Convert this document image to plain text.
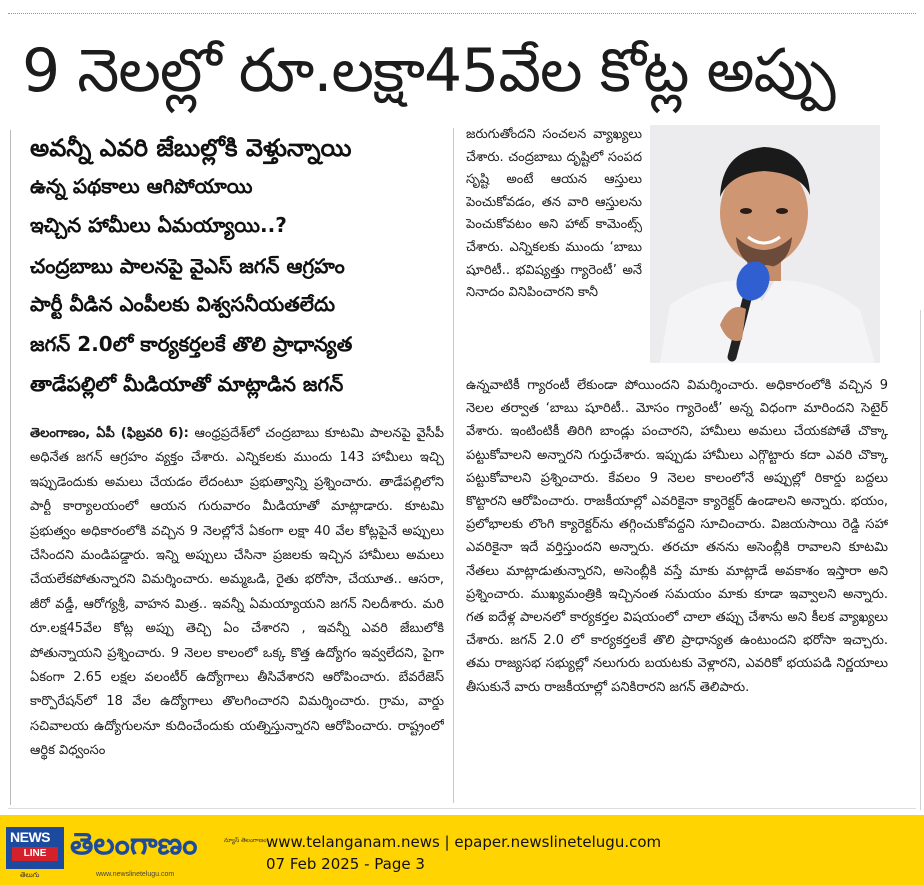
9 నెలల్లో రూ.లక్షా45వేల కోట్ల అప్పు
అవన్నీ ఎవరి జేబుల్లోకి వెళ్తున్నాయి
ఉన్న పథకాలు ఆగిపోయాయి
ఇచ్చిన హామీలు ఏమయ్యాయి..?
చంద్రబాబు పాలనపై వైఎస్‌ జగన్‌ ఆగ్రహం
పార్టీ వీడిన ఎంపీలకు విశ్వసనీయతలేదు
జగన్‌ 2.0లో కార్యకర్తలకే తొలి ప్రాధాన్యత
తాడేపల్లిలో మీడియాతో మాట్లాడిన జగన్‌
తెలంగాణం, ఏపీ (ఫిబ్రవరి 6): ఆంధ్రప్రదేశ్‌లో చంద్రబాబు కూటమి పాలనపై వైసీపీ అధినేత జగన్‌ ఆగ్రహం వ్యక్తం చేశారు. ఎన్నికలకు ముందు 143 హామీలు ఇచ్చి ఇప్పుడెందుకు అమలు చేయడం లేదంటూ ప్రభుత్వాన్ని ప్రశ్నించారు. తాడేపల్లిలోని పార్టీ కార్యాలయంలో ఆయన గురువారం మీడియాతో మాట్లాడారు. కూటమి ప్రభుత్వం అధికారంలోకి వచ్చిన 9 నెలల్లోనే ఏకంగా లక్షా 40 వేల కోట్లపైనే అప్పులు చేసిందని మండిపడ్డారు. ఇన్ని అప్పులు చేసినా ప్రజలకు ఇచ్చిన హామీలు అమలు చేయలేకపోతున్నారని విమర్శించారు. అమ్మఒడి, రైతు భరోసా, చేయూత.. ఆసరా, జీరో వడ్డీ, ఆరోగ్యశ్రీ, వాహన మిత్ర.. ఇవన్నీ ఏమయ్యాయని జగన్‌ నిలదీశారు. మరి రూ.లక్ష45వేల కోట్ల అప్పు తెచ్చి ఏం చేశారని , ఇవన్నీ ఎవరి జేబులోకి పోతున్నాయని ప్రశ్నించారు. 9 నెలల కాలంలో ఒక్క కొత్త ఉద్యోగం ఇవ్వలేదని, పైగా ఏకంగా 2.65 లక్షల వలంటీర్‌ ఉద్యోగాలు తీసివేశారని ఆరోపించారు. బేవరేజెస్‌ కార్పొరేషన్‌లో 18 వేల ఉద్యోగాలు తొలగించారని విమర్శించారు. గ్రామ, వార్డు సచివాలయ ఉద్యోగులనూ కుదించేందుకు యత్నిస్తున్నారని ఆరోపించారు. రాష్ట్రంలో ఆర్థిక విధ్వంసం
జరుగుతోందని సంచలన వ్యాఖ్యలు చేశారు. చంద్రబాబు దృష్టిలో సంపద సృష్టి అంటే ఆయన ఆస్తులు పెంచుకోవడం, తన వారి ఆస్తులను పెంచుకోవటం అని హాట్‌ కామెంట్స్‌ చేశారు. ఎన్నికలకు ముందు ‘బాబు షూరిటీ.. భవిష్యత్తు గ్యారెంటీ’ అనే నినాదం వినిపించారని కానీ
ఉన్నవాటికీ గ్యారంటీ లేకుండా పోయిందని విమర్శించారు. అధికారంలోకి వచ్చిన 9 నెలల తర్వాత ‘బాబు షూరిటీ.. మోసం గ్యారెంటీ’ అన్న విధంగా మారిందని సెటైర్‌ వేశారు. ఇంటింటికీ తిరిగి బాండ్లు పంచారని, హామీలు అమలు చేయకపోతే చొక్కా పట్టుకోవాలని అన్నారని గుర్తుచేశారు. ఇప్పుడు హామీలు ఎగ్గొట్టారు కదా ఎవరి చొక్కా పట్టుకోవాలని ప్రశ్నించారు. కేవలం 9 నెలల కాలంలోనే అప్పుల్లో రికార్డు బద్దలు కొట్టారని ఆరోపించారు. రాజకీయాల్లో ఎవరికైనా క్యారెక్టర్‌ ఉండాలని అన్నారు. భయం, ప్రలోభాలకు లొంగి క్యారెక్టర్‌ను తగ్గించుకోవద్దని సూచించారు. విజయసాయి రెడ్డి సహా ఎవరికైనా ఇదే వర్తిస్తుందని అన్నారు. తరచూ తనను అసెంబ్లీకి రావాలని కూటమి నేతలు మాట్లాడుతున్నారని, అసెంబ్లీకి వస్తే మాకు మాట్లాడే అవకాశం ఇస్తారా అని ప్రశ్నించారు. ముఖ్యమంత్రికి ఇచ్చినంత సమయం మాకు కూడా ఇవ్వాలని అన్నారు. గత ఐదేళ్ల పాలనలో కార్యకర్తల విషయంలో చాలా తప్పు చేశాను అని కీలక వ్యాఖ్యలు చేశారు. జగన్‌ 2.0 లో కార్యకర్తలకే తొలి ప్రాధాన్యత ఉంటుందని భరోసా ఇచ్చారు. తమ రాజ్యసభ సభ్యుల్లో నలుగురు బయటకు వెళ్లారని, ఎవరికో భయపడి నిర్ణయాలు తీసుకునే వారు రాజకీయాల్లో పనికిరారని జగన్‌ తెలిపారు.
NEWS
LINE
తెలుగు
తెలంగాణం	న్యూస్ తెలంగాణం
www.newslinetelugu.com
www.telanganam.news | epaper.newslinetelugu.com
07 Feb 2025 - Page 3
